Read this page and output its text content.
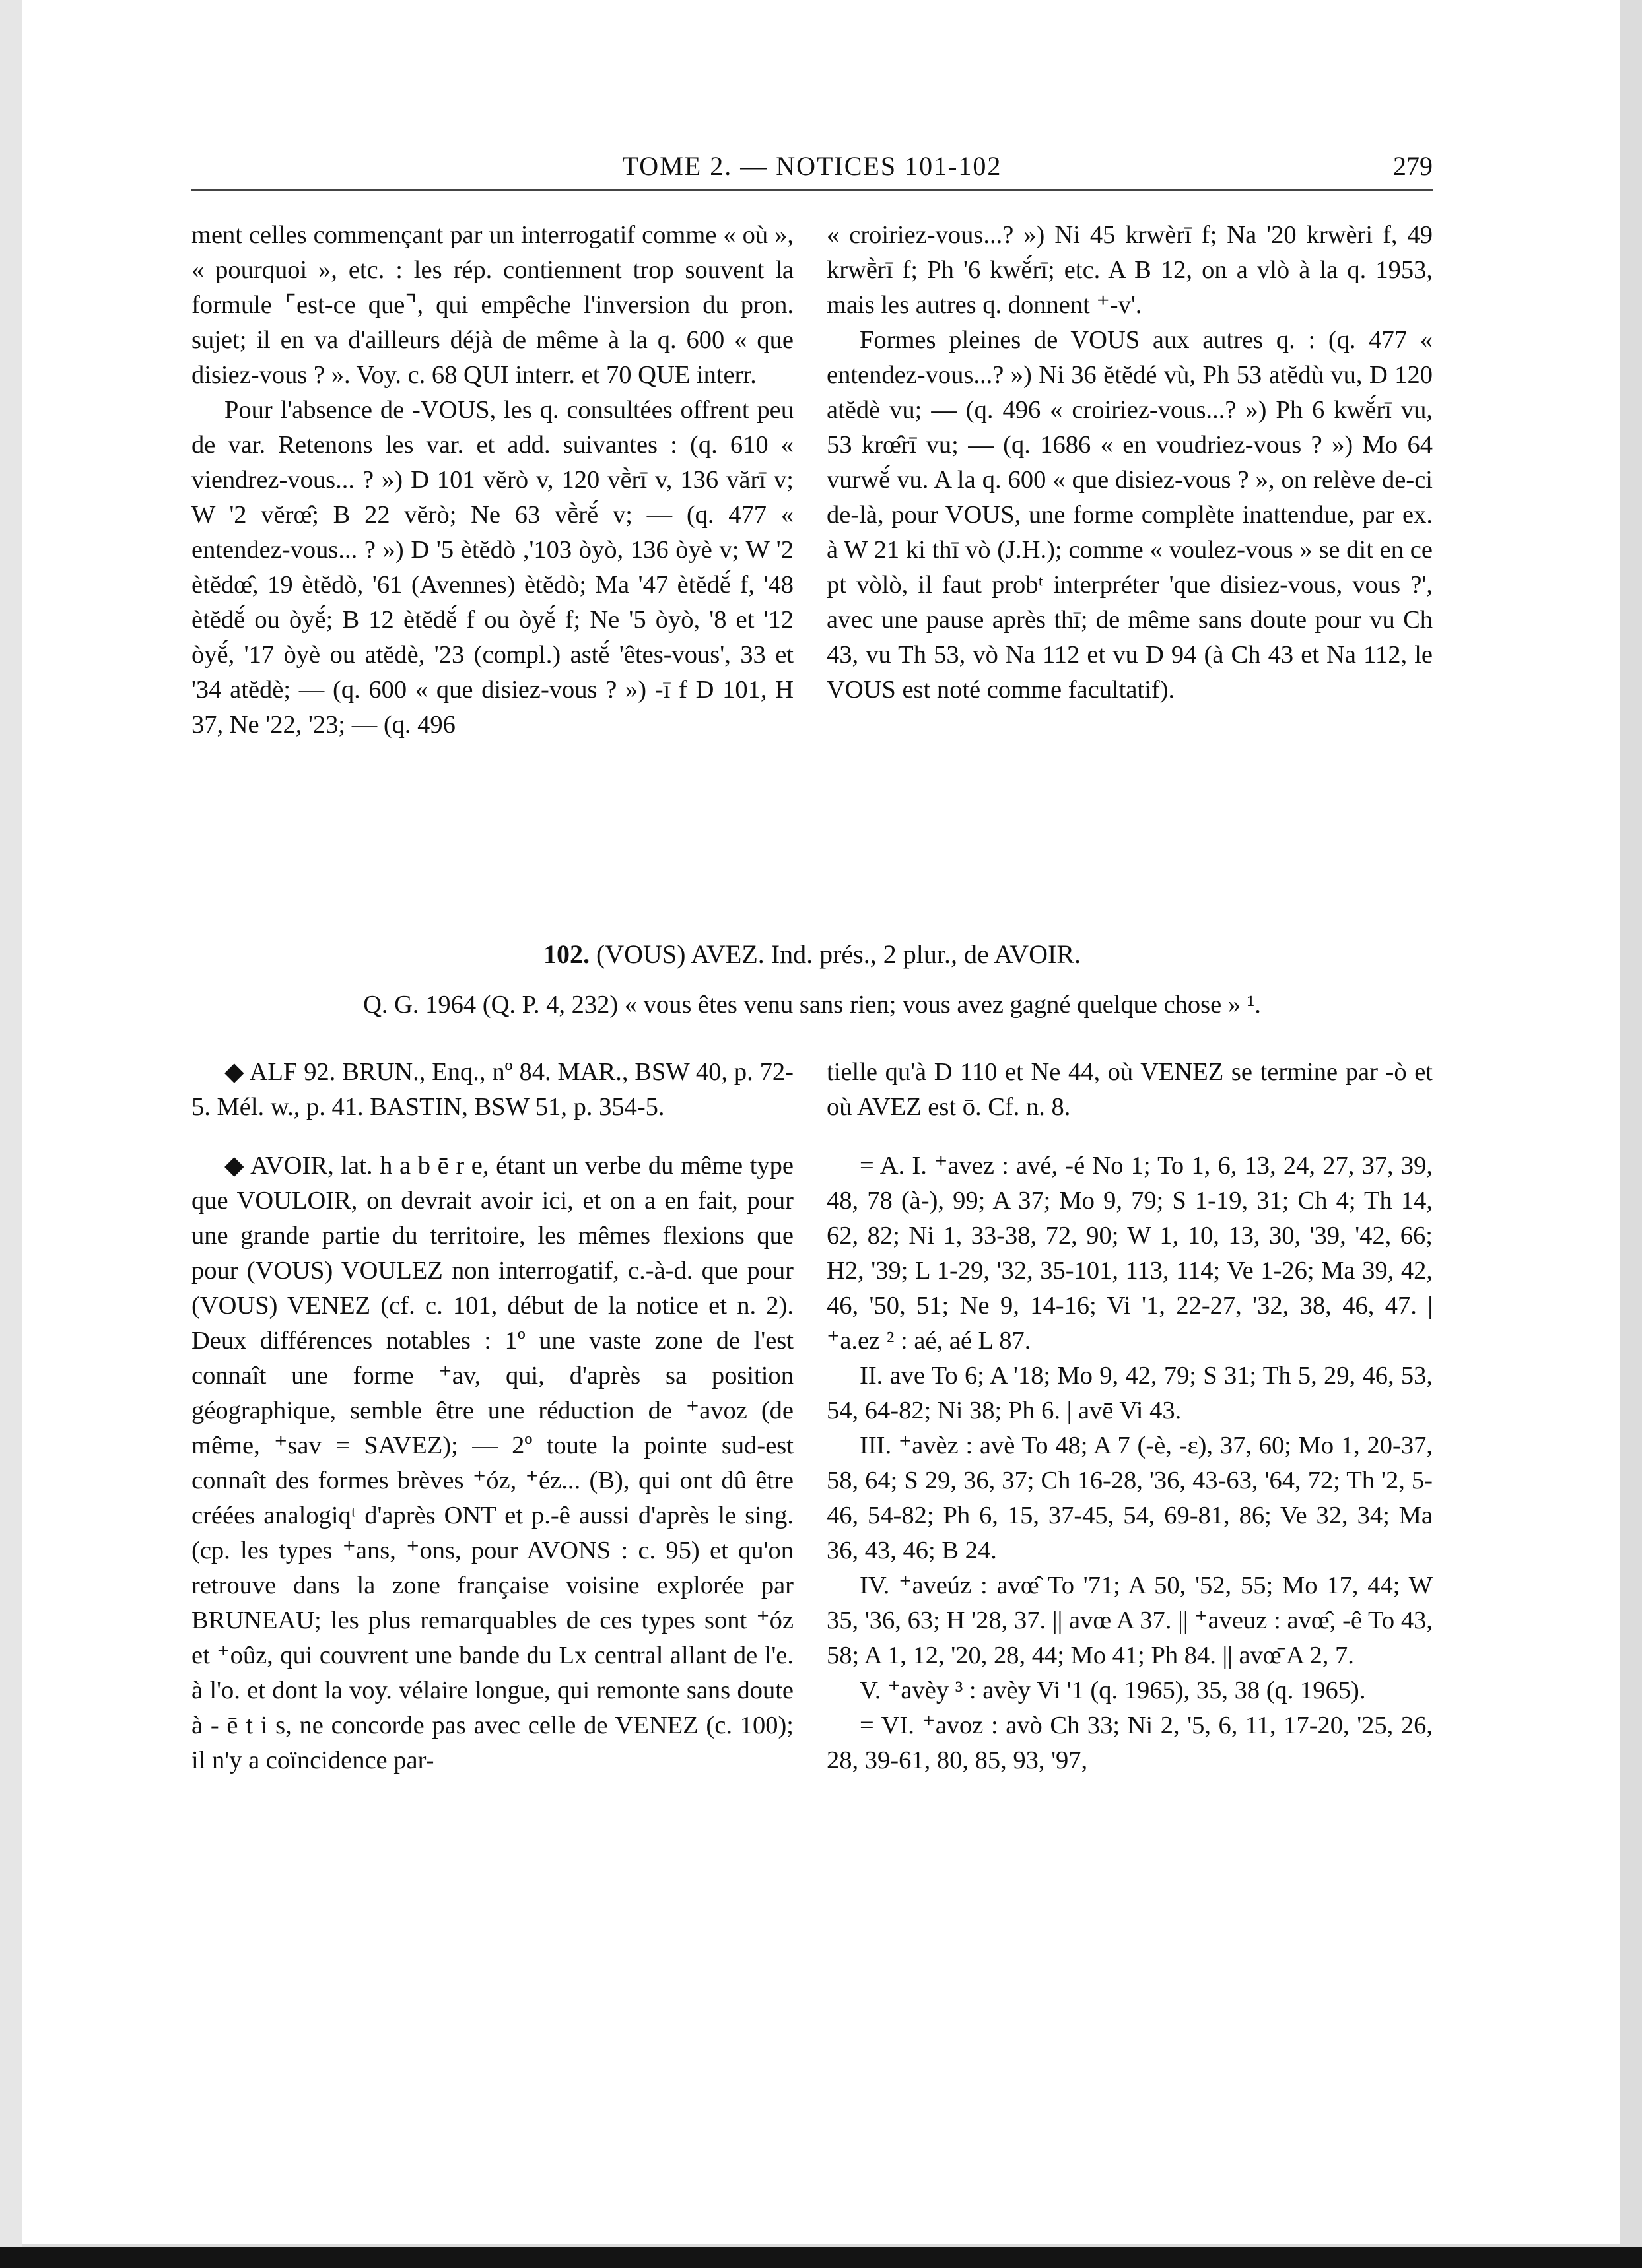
TOME 2. — NOTICES 101-102	279

ment celles commençant par un interrogatif comme « où », « pourquoi », etc. : les rép. contiennent trop souvent la formule ⌜est-ce que⌝, qui empêche l'inversion du pron. sujet; il en va d'ailleurs déjà de même à la q. 600 « que disiez-vous ? ». Voy. c. 68 QUI interr. et 70 QUE interr.

Pour l'absence de -VOUS, les q. consultées offrent peu de var. Retenons les var. et add. suivantes : (q. 610 « viendrez-vous... ? ») D 101 vĕrò v, 120 vḕrī v, 136 vărī v; W '2 vĕrœ̂; B 22 vĕrò; Ne 63 vḕrĕ́ v; — (q. 477 « entendez-vous... ? ») D '5 ètĕdò ,'103 òyò, 136 òyè v; W '2 ètĕdœ̂, 19 ètĕdò, '61 (Avennes) ètĕdò; Ma '47 ètĕdĕ́ f, '48 ètĕdĕ́ ou òyĕ́; B 12 ètĕdĕ́ f ou òyĕ́ f; Ne '5 òyò, '8 et '12 òyĕ́, '17 òyè ou atĕdè, '23 (compl.) astĕ́ 'êtes-vous', 33 et '34 atĕdè; — (q. 600 « que disiez-vous ? ») -ī f D 101, H 37, Ne '22, '23; — (q. 496

« croiriez-vous...? ») Ni 45 krwèrī f; Na '20 krwèri f, 49 krwḕrī f; Ph '6 kwĕ́rī; etc. A B 12, on a vlò à la q. 1953, mais les autres q. donnent ⁺-v'.

Formes pleines de VOUS aux autres q. : (q. 477 « entendez-vous...? ») Ni 36 ĕtĕdé vù, Ph 53 atĕdù vu, D 120 atĕdè vu; — (q. 496 « croiriez-vous...? ») Ph 6 kwĕ́rī vu, 53 krœ̂rī vu; — (q. 1686 « en voudriez-vous ? ») Mo 64 vurwĕ́ vu. A la q. 600 « que disiez-vous ? », on relève de-ci de-là, pour VOUS, une forme complète inattendue, par ex. à W 21 ki thī vò (J.H.); comme « voulez-vous » se dit en ce pt vòlò, il faut probᵗ interpréter 'que disiez-vous, vous ?', avec une pause après thī; de même sans doute pour vu Ch 43, vu Th 53, vò Na 112 et vu D 94 (à Ch 43 et Na 112, le VOUS est noté comme facultatif).

102. (VOUS) AVEZ. Ind. prés., 2 plur., de AVOIR.
Q. G. 1964 (Q. P. 4, 232) « vous êtes venu sans rien; vous avez gagné quelque chose » ¹.

◆ ALF 92. BRUN., Enq., nº 84. MAR., BSW 40, p. 72-5. Mél. w., p. 41. BASTIN, BSW 51, p. 354-5.

◆ AVOIR, lat. h a b ē r e, étant un verbe du même type que VOULOIR, on devrait avoir ici, et on a en fait, pour une grande partie du territoire, les mêmes flexions que pour (VOUS) VOULEZ non interrogatif, c.-à-d. que pour (VOUS) VENEZ (cf. c. 101, début de la notice et n. 2). Deux différences notables : 1º une vaste zone de l'est connaît une forme ⁺av, qui, d'après sa position géographique, semble être une réduction de ⁺avoz (de même, ⁺sav = SAVEZ); — 2º toute la pointe sud-est connaît des formes brèves ⁺óz, ⁺éz... (B), qui ont dû être créées analogiqᵗ d'après ONT et p.-ê aussi d'après le sing. (cp. les types ⁺ans, ⁺ons, pour AVONS : c. 95) et qu'on retrouve dans la zone française voisine explorée par BRUNEAU; les plus remarquables de ces types sont ⁺óz et ⁺oûz, qui couvrent une bande du Lx central allant de l'e. à l'o. et dont la voy. vélaire longue, qui remonte sans doute à - ē t i s, ne concorde pas avec celle de VENEZ (c. 100); il n'y a coïncidence par-

tielle qu'à D 110 et Ne 44, où VENEZ se termine par -ò et où AVEZ est ō. Cf. n. 8.

= A. I. ⁺avez : avé, -é No 1; To 1, 6, 13, 24, 27, 37, 39, 48, 78 (à-), 99; A 37; Mo 9, 79; S 1-19, 31; Ch 4; Th 14, 62, 82; Ni 1, 33-38, 72, 90; W 1, 10, 13, 30, '39, '42, 66; H2, '39; L 1-29, '32, 35-101, 113, 114; Ve 1-26; Ma 39, 42, 46, '50, 51; Ne 9, 14-16; Vi '1, 22-27, '32, 38, 46, 47. | ⁺a.ez ² : aé, aé L 87.

II. ave To 6; A '18; Mo 9, 42, 79; S 31; Th 5, 29, 46, 53, 54, 64-82; Ni 38; Ph 6. | avē Vi 43.

III. ⁺avèz : avè To 48; A 7 (-è, -ɛ), 37, 60; Mo 1, 20-37, 58, 64; S 29, 36, 37; Ch 16-28, '36, 43-63, '64, 72; Th '2, 5-46, 54-82; Ph 6, 15, 37-45, 54, 69-81, 86; Ve 32, 34; Ma 36, 43, 46; B 24.

IV. ⁺aveúz : avœ̂ To '71; A 50, '52, 55; Mo 17, 44; W 35, '36, 63; H '28, 37. || avœ A 37. || ⁺aveuz : avœ̂, -ê To 43, 58; A 1, 12, '20, 28, 44; Mo 41; Ph 84. || avœ̄ A 2, 7.

V. ⁺avèy ³ : avèy Vi '1 (q. 1965), 35, 38 (q. 1965).

= VI. ⁺avoz : avò Ch 33; Ni 2, '5, 6, 11, 17-20, '25, 26, 28, 39-61, 80, 85, 93, '97,
